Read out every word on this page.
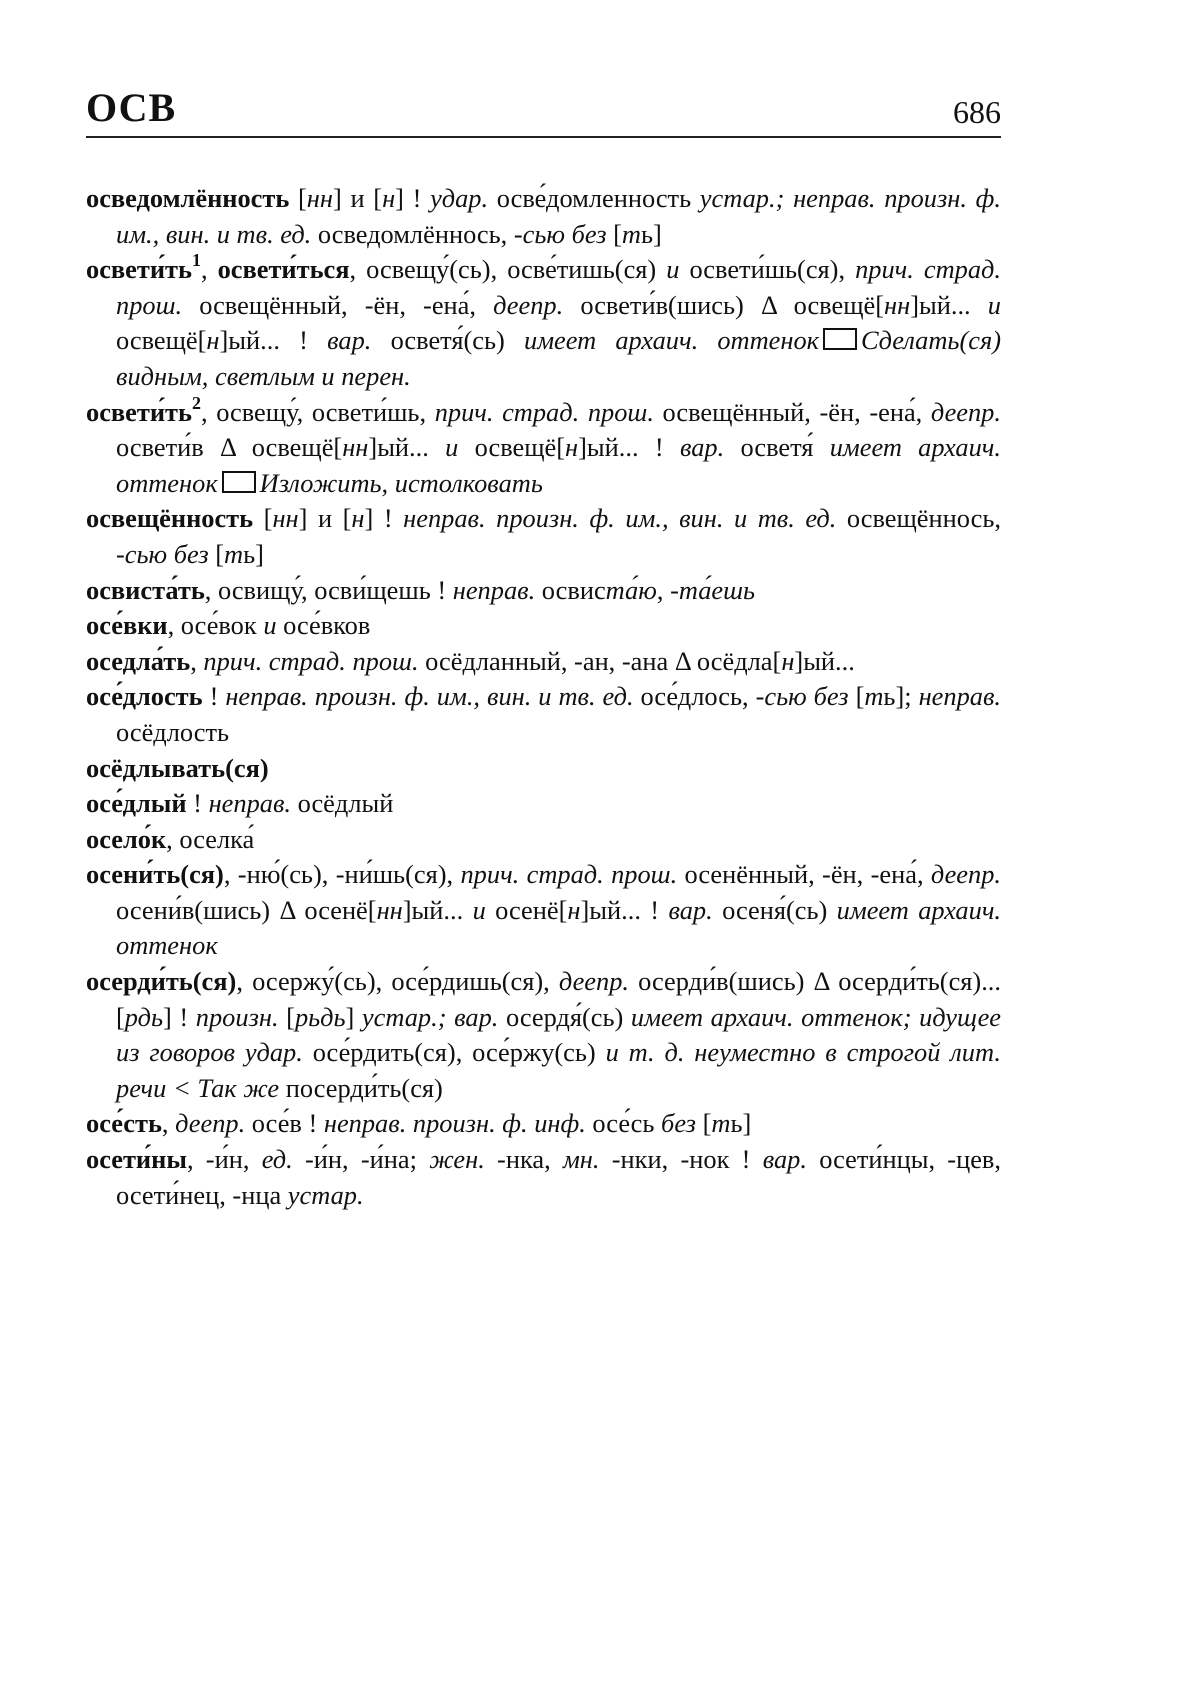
ОСВ	686

осведомлённость [нн] и [н] ! удар. осве́домленность устар.; неправ. произн. ф. им., вин. и тв. ед. осведомлённось, -сью без [ть]

$освети́ть^1$, освети́ться, освещу́(сь), осве́тишь(ся) и освети́шь(ся), прич. страд. прош. освещённый, -ён, -ена́, деепр. освети́в(шись) Δ освещё[нн]ый... и освещё[н]ый... ! вар. осветя́(сь) имеет архаич. оттенок Сделать(ся) видным, светлым и перен.

$освети́ть^2$, освещу́, освети́шь, прич. страд. прош. освещённый, -ён, -ена́, деепр. освети́в Δ освещё[нн]ый... и освещё[н]ый... ! вар. осветя́ имеет архаич. оттенок Изложить, истолковать

освещённость [нн] и [н] ! неправ. произн. ф. им., вин. и тв. ед. освещённось, -сью без [ть]

освиста́ть, освищу́, осви́щешь ! неправ. освиста́ю, -та́ешь

осе́вки, осе́вок и осе́вков

оседла́ть, прич. страд. прош. осёдланный, -ан, -ана Δ осёдла[н]ый...

осе́длость ! неправ. произн. ф. им., вин. и тв. ед. осе́длось, -сью без [ть]; неправ. осёдлость

осёдлывать(ся)

осе́длый ! неправ. осёдлый

осело́к, оселка́

осени́ть(ся), -ню́(сь), -ни́шь(ся), прич. страд. прош. осенённый, -ён, -ена́, деепр. осени́в(шись) Δ осенё[нн]ый... и осенё[н]ый... ! вар. осеня́(сь) имеет архаич. оттенок

осерди́ть(ся), осержу́(сь), осе́рдишь(ся), деепр. осерди́в(шись) Δ осерди́ть(ся)... [рдь] ! произн. [рьдь] устар.; вар. осердя́(сь) имеет архаич. оттенок; идущее из говоров удар. осе́рдить(ся), осе́ржу(сь) и т. д. неуместно в строгой лит. речи < Так же посерди́ть(ся)

осе́сть, деепр. осе́в ! неправ. произн. ф. инф. осе́сь без [ть]

осети́ны, -и́н, ед. -и́н, -и́на; жен. -нка, мн. -нки, -нок ! вар. осети́нцы, -цев, осети́нец, -нца устар.
